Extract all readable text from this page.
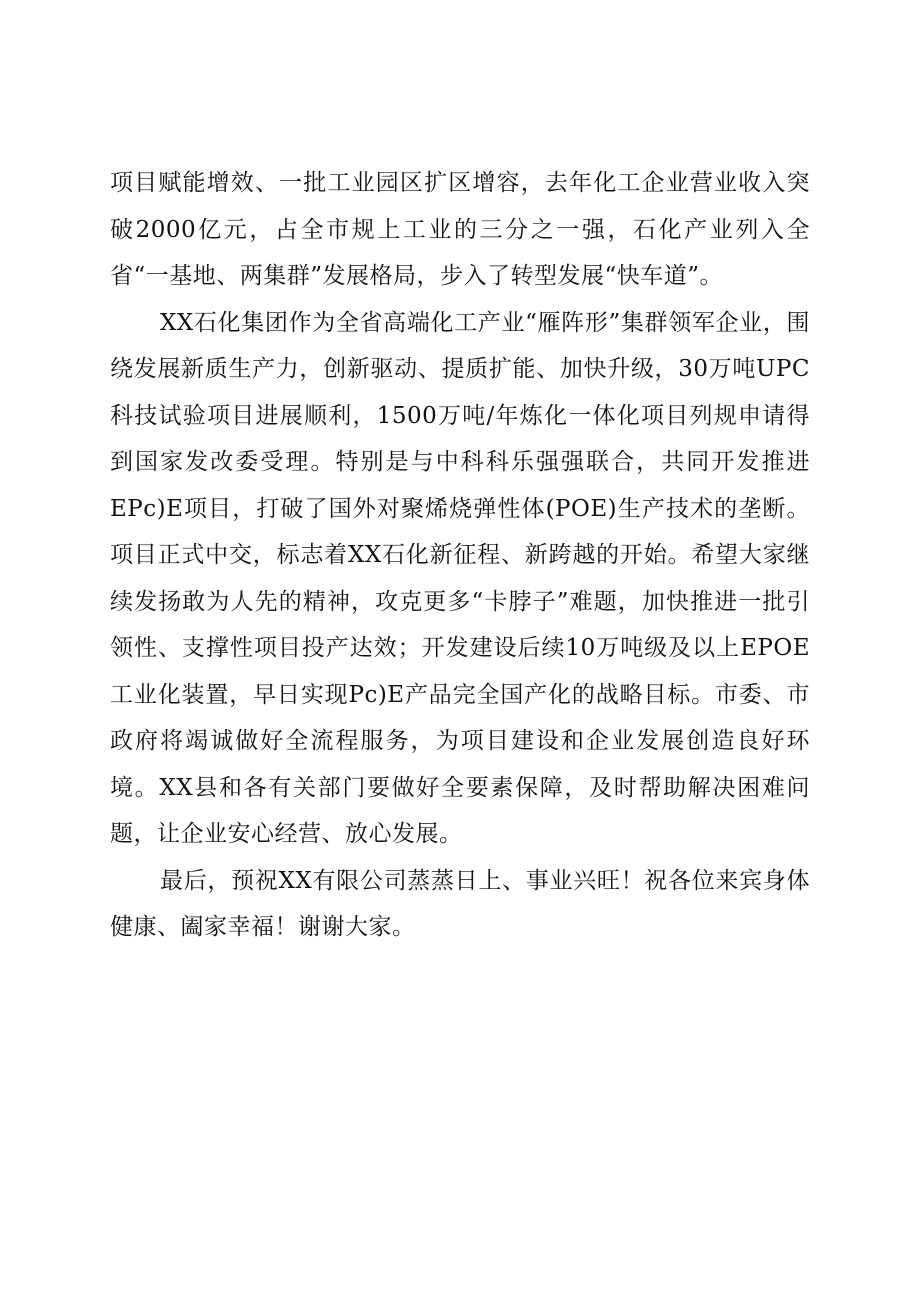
项目赋能增效、一批工业园区扩区增容，去年化工企业营业收入突破2000亿元，占全市规上工业的三分之一强，石化产业列入全省“一基地、两集群”发展格局，步入了转型发展“快车道”。

XX石化集团作为全省高端化工产业“雁阵形”集群领军企业，围绕发展新质生产力，创新驱动、提质扩能、加快升级，30万吨UPC科技试验项目进展顺利，1500万吨/年炼化一体化项目列规申请得到国家发改委受理。特别是与中科科乐强强联合，共同开发推进EPc)E项目，打破了国外对聚烯烧弹性体(POE)生产技术的垄断。项目正式中交，标志着XX石化新征程、新跨越的开始。希望大家继续发扬敢为人先的精神，攻克更多“卡脖子”难题，加快推进一批引领性、支撑性项目投产达效；开发建设后续10万吨级及以上EPOE工业化装置，早日实现Pc)E产品完全国产化的战略目标。市委、市政府将竭诚做好全流程服务，为项目建设和企业发展创造良好环境。XX县和各有关部门要做好全要素保障，及时帮助解决困难问题，让企业安心经营、放心发展。

最后，预祝XX有限公司蒸蒸日上、事业兴旺！祝各位来宾身体健康、阖家幸福！谢谢大家。
